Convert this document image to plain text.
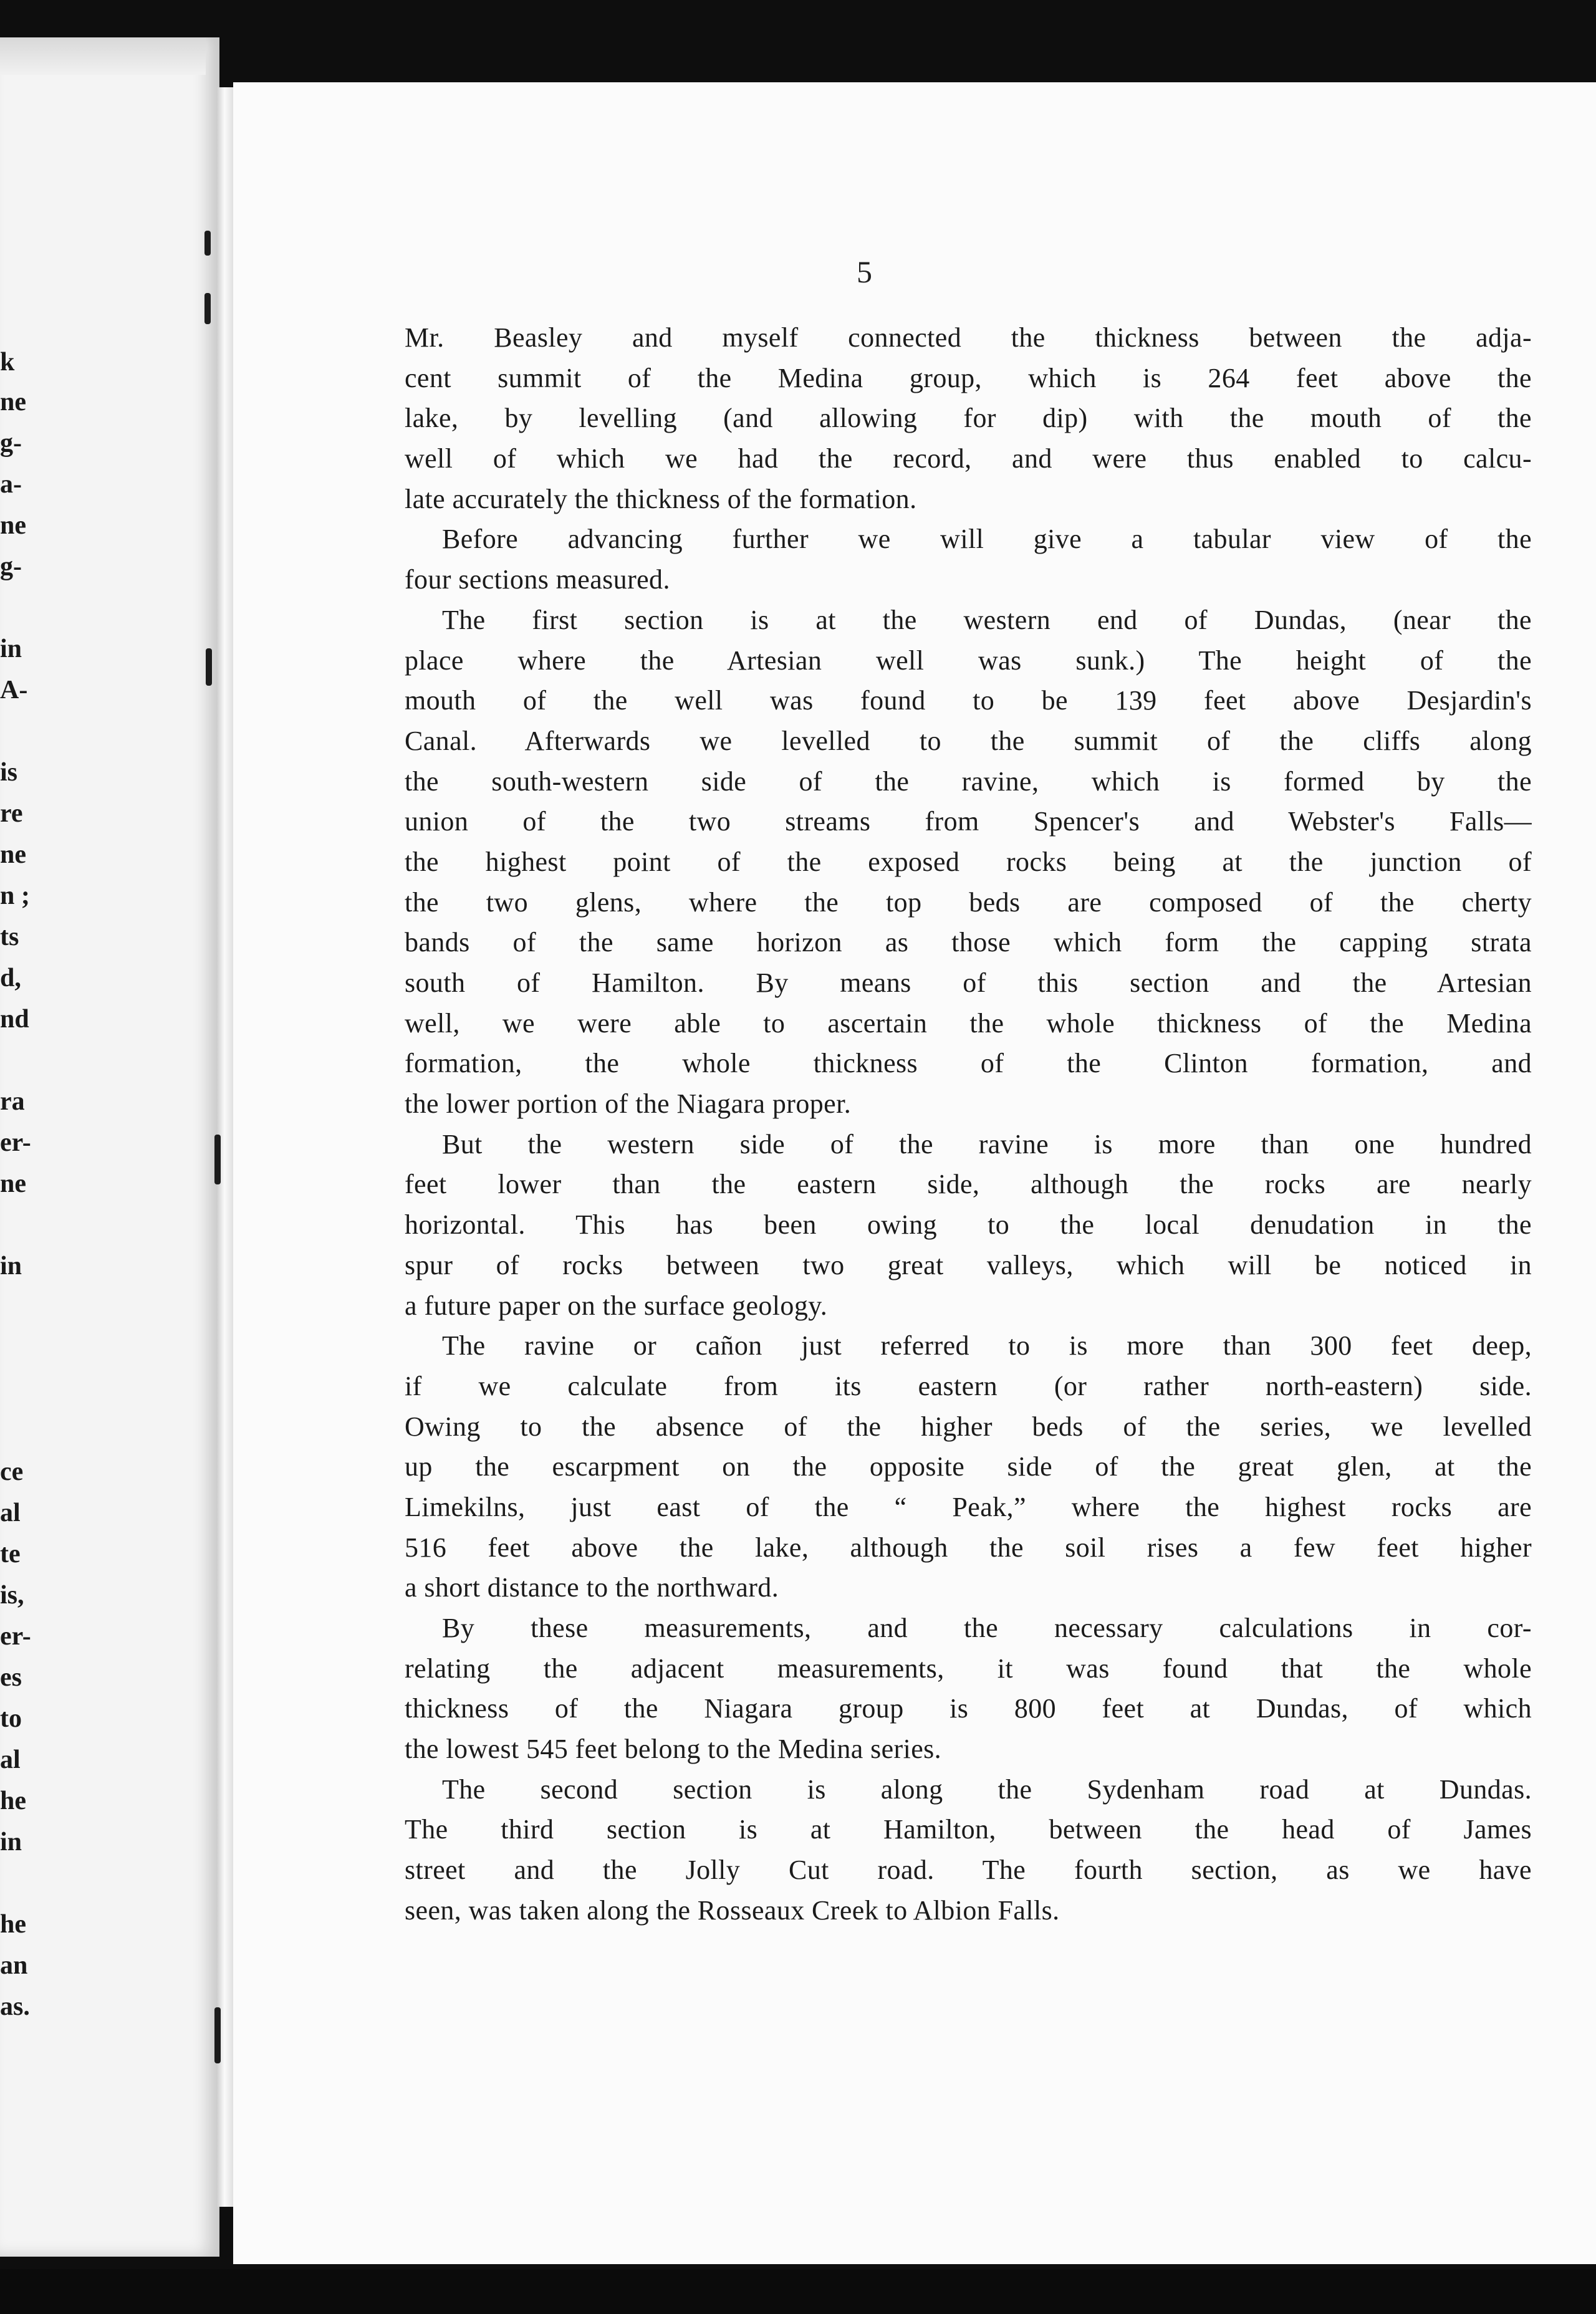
k
ne
g-
a-
ne
g-
in
A-
is
re
ne
n ;
ts
d,
nd
ra
er-
ne
in
ce
al
te
is,
er-
es
to
al
he
in
he
an
as.
5
Mr. Beasley and myself connected the thickness between the adja-
cent summit of the Medina group, which is 264 feet above the
lake, by levelling (and allowing for dip) with the mouth of the
well of which we had the record, and were thus enabled to calcu-
late accurately the thickness of the formation.
Before advancing further we will give a tabular view of the
four sections measured.
The first section is at the western end of Dundas, (near the
place where the Artesian well was sunk.) The height of the
mouth of the well was found to be 139 feet above Desjardin's
Canal. Afterwards we levelled to the summit of the cliffs along
the south-western side of the ravine, which is formed by the
union of the two streams from Spencer's and Webster's Falls—
the highest point of the exposed rocks being at the junction of
the two glens, where the top beds are composed of the cherty
bands of the same horizon as those which form the capping strata
south of Hamilton. By means of this section and the Artesian
well, we were able to ascertain the whole thickness of the Medina
formation, the whole thickness of the Clinton formation, and
the lower portion of the Niagara proper.
But the western side of the ravine is more than one hundred
feet lower than the eastern side, although the rocks are nearly
horizontal. This has been owing to the local denudation in the
spur of rocks between two great valleys, which will be noticed in
a future paper on the surface geology.
The ravine or cañon just referred to is more than 300 feet deep,
if we calculate from its eastern (or rather north-eastern) side.
Owing to the absence of the higher beds of the series, we levelled
up the escarpment on the opposite side of the great glen, at the
Limekilns, just east of the “ Peak,” where the highest rocks are
516 feet above the lake, although the soil rises a few feet higher
a short distance to the northward.
By these measurements, and the necessary calculations in cor-
relating the adjacent measurements, it was found that the whole
thickness of the Niagara group is 800 feet at Dundas, of which
the lowest 545 feet belong to the Medina series.
The second section is along the Sydenham road at Dundas.
The third section is at Hamilton, between the head of James
street and the Jolly Cut road. The fourth section, as we have
seen, was taken along the Rosseaux Creek to Albion Falls.
